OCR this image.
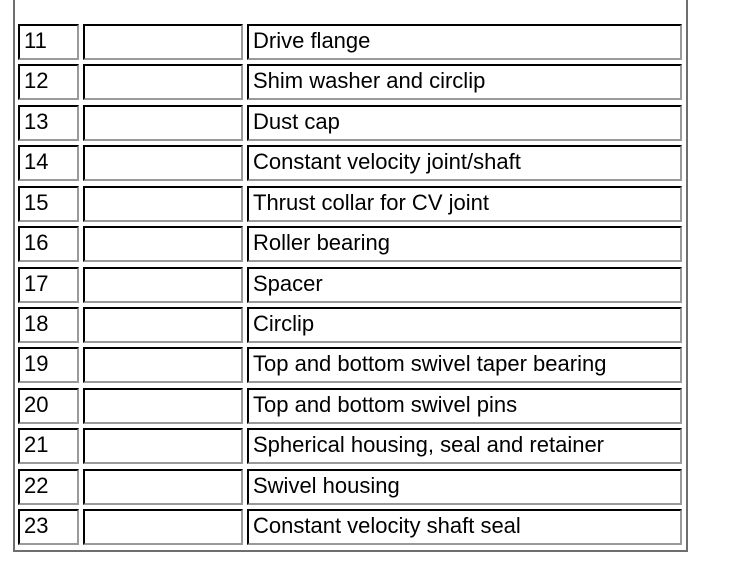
11	Drive flange
12	Shim washer and circlip
13	Dust cap
14	Constant velocity joint/shaft
15	Thrust collar for CV joint
16	Roller bearing
17	Spacer
18	Circlip
19	Top and bottom swivel taper bearing
20	Top and bottom swivel pins
21	Spherical housing, seal and retainer
22	Swivel housing
23	Constant velocity shaft seal
